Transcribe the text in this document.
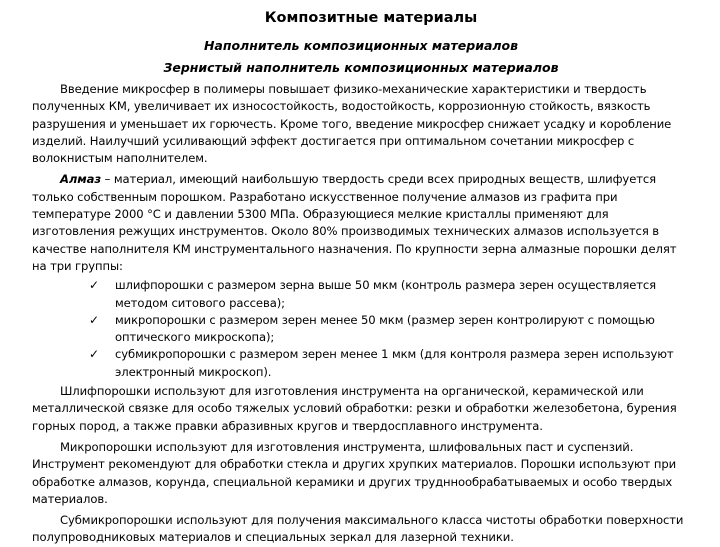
Композитные материалы
Наполнитель композиционных материалов
Зернистый наполнитель композиционных материалов

Введение микросфер в полимеры повышает физико-механические характеристики и твердость полученных КМ, увеличивает их износостойкость, водостойкость, коррозионную стойкость, вязкость разрушения и уменьшает их горючесть. Кроме того, введение микросфер снижает усадку и коробление изделий. Наилучший усиливающий эффект достигается при оптимальном сочетании микросфер с волокнистым наполнителем.

Алмаз – материал, имеющий наибольшую твердость среди всех природных веществ, шлифуется только собственным порошком. Разработано искусственное получение алмазов из графита при температуре 2000 °С и давлении 5300 МПа. Образующиеся мелкие кристаллы применяют для изготовления режущих инструментов. Около 80% производимых технических алмазов используется в качестве наполнителя КМ инструментального назначения. По крупности зерна алмазные порошки делят на три группы:

✓ шлифпорошки с размером зерна выше 50 мкм (контроль размера зерен осуществляется методом ситового рассева);
✓ микропорошки с размером зерен менее 50 мкм (размер зерен контролируют с помощью оптического микроскопа);
✓ субмикропорошки с размером зерен менее 1 мкм (для контроля размера зерен используют электронный микроскоп).

Шлифпорошки используют для изготовления инструмента на органической, керамической или металлической связке для особо тяжелых условий обработки: резки и обработки железобетона, бурения горных пород, а также правки абразивных кругов и твердосплавного инструмента.

Микропорошки используют для изготовления инструмента, шлифовальных паст и суспензий. Инструмент рекомендуют для обработки стекла и других хрупких материалов. Порошки используют при обработке алмазов, корунда, специальной керамики и других трудннообрабатываемых и особо твердых материалов.

Субмикропорошки используют для получения максимального класса чистоты обработки поверхности полупроводниковых материалов и специальных зеркал для лазерной техники.
